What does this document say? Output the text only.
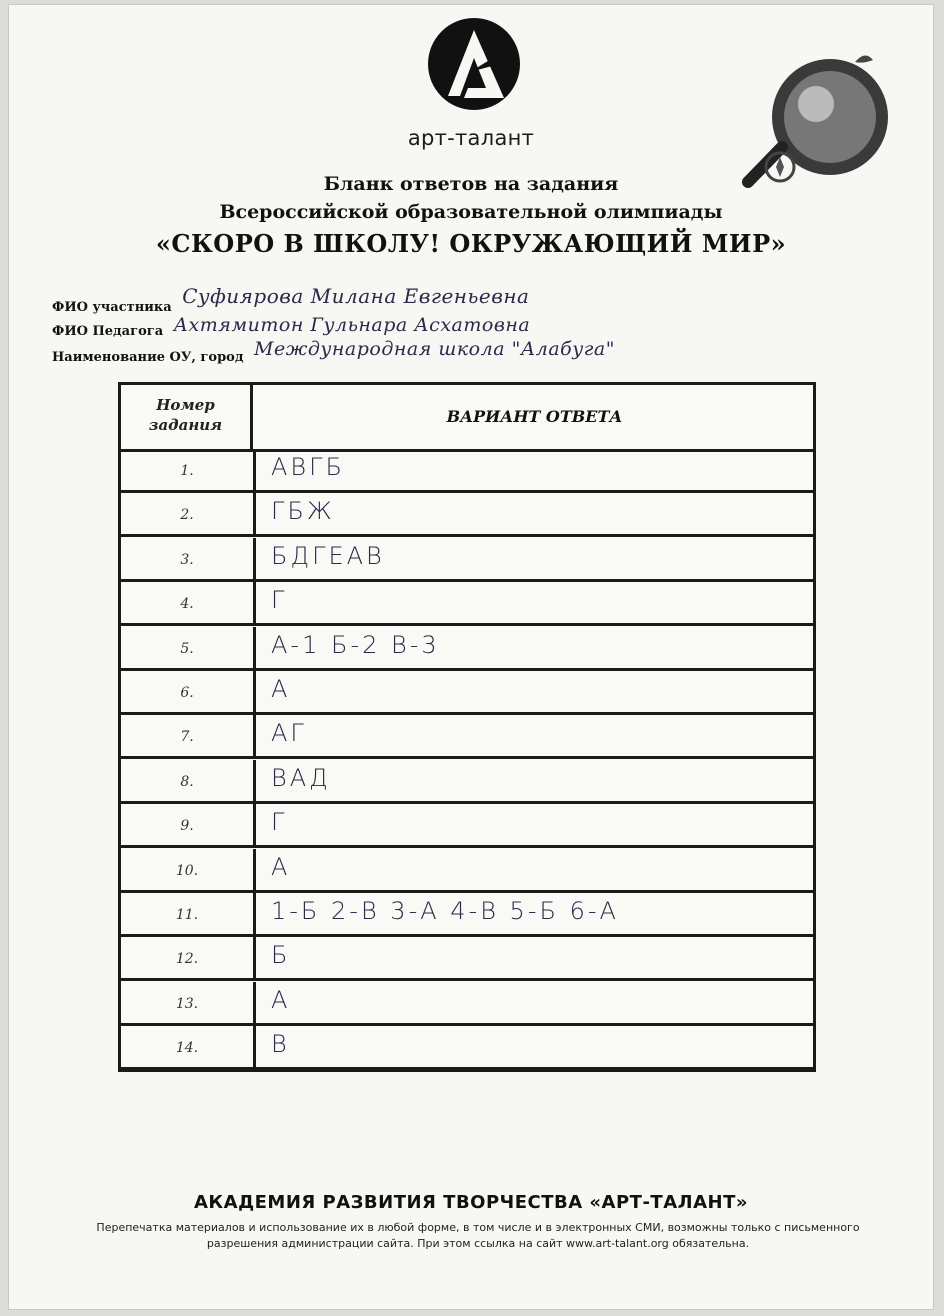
арт-талант
Бланк ответов на задания
Всероссийской образовательной олимпиады
«СКОРО В ШКОЛУ! ОКРУЖАЮЩИЙ МИР»
ФИО участника Суфиярова Милана Евгеньевна
ФИО Педагога Ахтямитон Гульнара Асхатовна
Наименование ОУ, город Международная школа "Алабуга"
Номер задания	ВАРИАНТ ОТВЕТА
1.	АВГБ
2.	ГБЖ
3.	БДГЕАВ
4.	Г
5.	А-1 Б-2 В-3
6.	А
7.	АГ
8.	ВАД
9.	Г
10.	А
11.	1-Б 2-В 3-А 4-В 5-Б 6-А
12.	Б
13.	А
14.	В
АКАДЕМИЯ РАЗВИТИЯ ТВОРЧЕСТВА «АРТ-ТАЛАНТ»
Перепечатка материалов и использование их в любой форме, в том числе и в электронных СМИ, возможны только с письменного разрешения администрации сайта. При этом ссылка на сайт www.art-talant.org обязательна.
